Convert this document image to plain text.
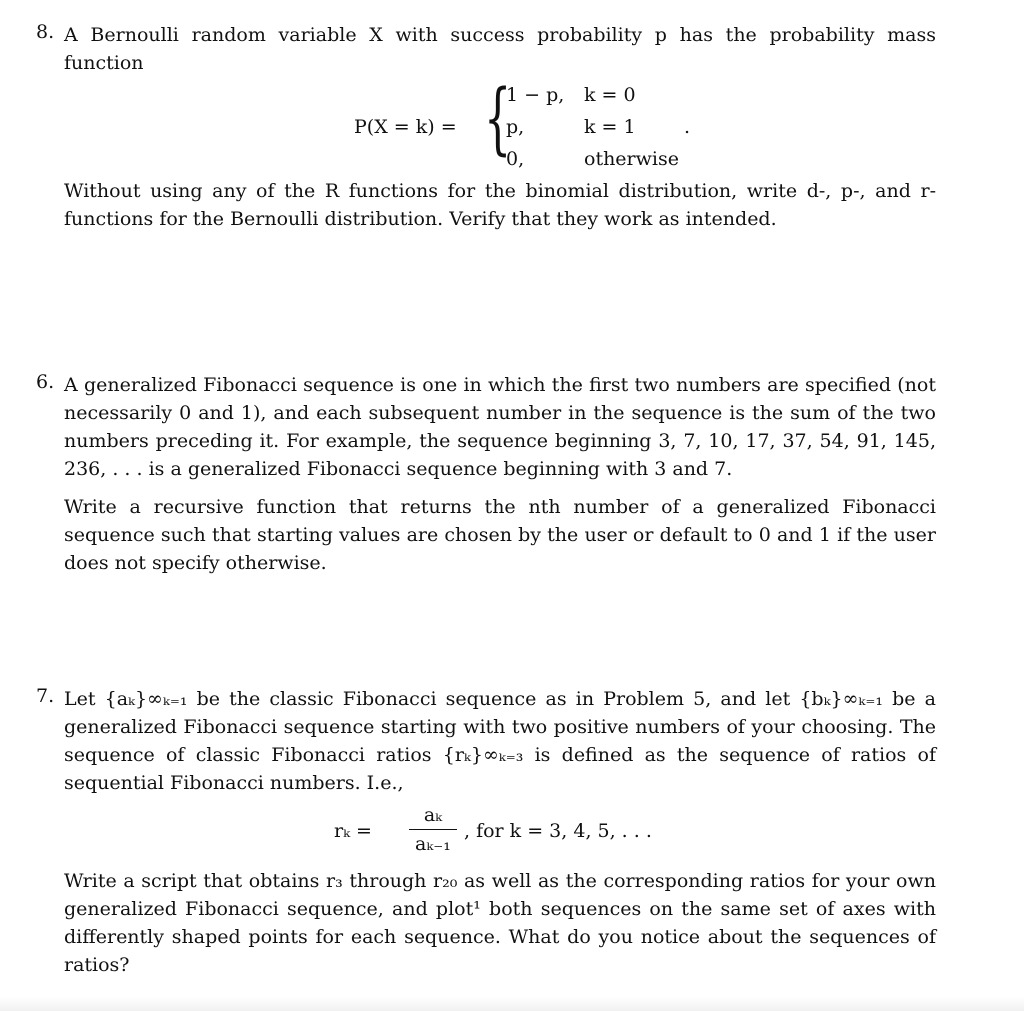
8. A Bernoulli random variable X with success probability p has the probability mass function

P(X = k) = {
1 − p, k = 0
p,	k = 1
0,	otherwise
.

Without using any of the R functions for the binomial distribution, write d-, p-, and r- functions for the Bernoulli distribution. Verify that they work as intended.

6. A generalized Fibonacci sequence is one in which the first two numbers are specified (not necessarily 0 and 1), and each subsequent number in the sequence is the sum of the two numbers preceding it. For example, the sequence beginning 3, 7, 10, 17, 37, 54, 91, 145, 236, . . . is a generalized Fibonacci sequence beginning with 3 and 7.

Write a recursive function that returns the nth number of a generalized Fibonacci sequence such that starting values are chosen by the user or default to 0 and 1 if the user does not specify otherwise.

7. Let {aₖ}∞ₖ₌₁ be the classic Fibonacci sequence as in Problem 5, and let {bₖ}∞ₖ₌₁ be a generalized Fibonacci sequence starting with two positive numbers of your choosing. The sequence of classic Fibonacci ratios {rₖ}∞ₖ₌₃ is defined as the sequence of ratios of sequential Fibonacci numbers. I.e.,

$r_k = \frac{\text{aₖ}}{\text{aₖ₋₁}}$ , for k = 3, 4, 5, . . .

Write a script that obtains r₃ through r₂₀ as well as the corresponding ratios for your own generalized Fibonacci sequence, and plot¹ both sequences on the same set of axes with differently shaped points for each sequence. What do you notice about the sequences of ratios?
